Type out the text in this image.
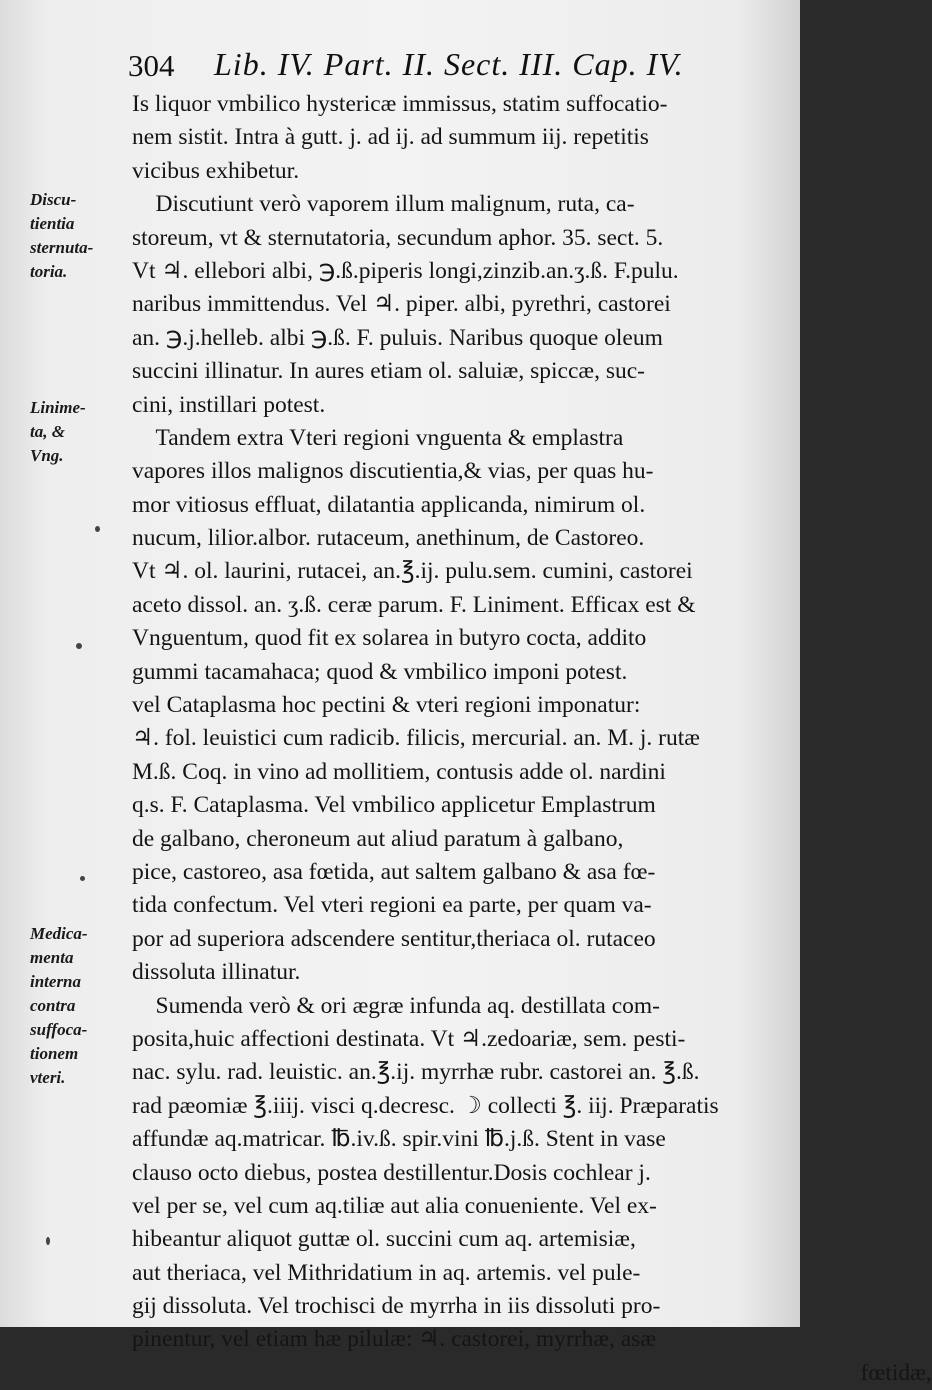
304 Lib. IV. Part. II. Sect. III. Cap. IV.
Discu-
tientia
sternuta-
toria.
Linime-
ta, &
Vng.
Medica-
menta
interna
contra
suffoca-
tionem
vteri.
Is liquor vmbilico hystericæ immissus, statim suffocatio-
nem sistit. Intra à gutt. j. ad ij. ad summum iij. repetitis
vicibus exhibetur.
 Discutiunt verò vaporem illum malignum, ruta, ca-
storeum, vt & sternutatoria, secundum aphor. 35. sect. 5.
Vt ♃. ellebori albi, ℈.ß.piperis longi,zinzib.an.ʒ.ß. F.pulu.
naribus immittendus. Vel ♃. piper. albi, pyrethri, castorei
an. ℈.j.helleb. albi ℈.ß. F. puluis. Naribus quoque oleum
succini illinatur. In aures etiam ol. saluiæ, spiccæ, suc-
cini, instillari potest.
 Tandem extra Vteri regioni vnguenta & emplastra
vapores illos malignos discutientia,& vias, per quas hu-
mor vitiosus effluat, dilatantia applicanda, nimirum ol.
nucum, lilior.albor. rutaceum, anethinum, de Castoreo.
Vt ♃. ol. laurini, rutacei, an.℥.ij. pulu.sem. cumini, castorei
aceto dissol. an. ʒ.ß. ceræ parum. F. Liniment. Efficax est &
Vnguentum, quod fit ex solarea in butyro cocta, addito
gummi tacamahaca; quod & vmbilico imponi potest.
vel Cataplasma hoc pectini & vteri regioni imponatur:
♃. fol. leuistici cum radicib. filicis, mercurial. an. M. j. rutæ
M.ß. Coq. in vino ad mollitiem, contusis adde ol. nardini
q.s. F. Cataplasma. Vel vmbilico applicetur Emplastrum
de galbano, cheroneum aut aliud paratum à galbano,
pice, castoreo, asa fœtida, aut saltem galbano & asa fœ-
tida confectum. Vel vteri regioni ea parte, per quam va-
por ad superiora adscendere sentitur,theriaca ol. rutaceo
dissoluta illinatur.
 Sumenda verò & ori ægræ infunda aq. destillata com-
posita,huic affectioni destinata. Vt ♃.zedoariæ, sem. pesti-
nac. sylu. rad. leuistic. an.℥.ij. myrrhæ rubr. castorei an. ℥.ß.
rad pæomiæ ℥.iiij. visci q.decresc. ☽ collecti ℥. iij. Præparatis
affundæ aq.matricar. ℔.iv.ß. spir.vini ℔.j.ß. Stent in vase
clauso octo diebus, postea destillentur.Dosis cochlear j.
vel per se, vel cum aq.tiliæ aut alia conueniente. Vel ex-
hibeantur aliquot guttæ ol. succini cum aq. artemisiæ,
aut theriaca, vel Mithridatium in aq. artemis. vel pule-
gij dissoluta. Vel trochisci de myrrha in iis dissoluti pro-
pinentur, vel etiam hæ pilulæ: ♃. castorei, myrrhæ, asæ
                               fœtidæ,
